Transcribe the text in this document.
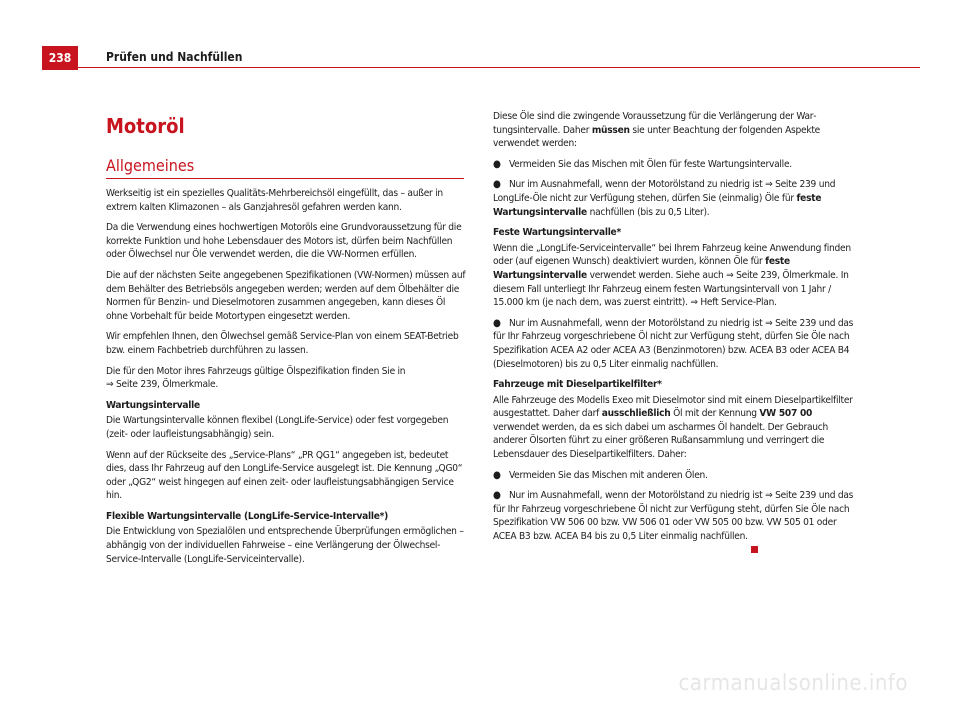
238	Prüfen und Nachfüllen
Motoröl
Allgemeines

Werkseitig ist ein spezielles Qualitäts-Mehrbereichsöl eingefüllt, das – außer in extrem kalten Klimazonen – als Ganzjahresöl gefahren werden kann.

Da die Verwendung eines hochwertigen Motoröls eine Grundvoraussetzung für die korrekte Funktion und hohe Lebensdauer des Motors ist, dürfen beim Nachfüllen oder Ölwechsel nur Öle verwendet werden, die die VW-Normen erfüllen.

Die auf der nächsten Seite angegebenen Spezifikationen (VW-Normen) müssen auf dem Behälter des Betriebsöls angegeben werden; werden auf dem Ölbehälter die Normen für Benzin- und Dieselmotoren zusammen angegeben, kann dieses Öl ohne Vorbehalt für beide Motortypen eingesetzt werden.

Wir empfehlen Ihnen, den Ölwechsel gemäß Service-Plan von einem SEAT-Betrieb bzw. einem Fachbetrieb durchführen zu lassen.

Die für den Motor ihres Fahrzeugs gültige Ölspezifikation finden Sie in
⇒ Seite 239, Ölmerkmale.

Wartungsintervalle

Die Wartungsintervalle können flexibel (LongLife-Service) oder fest vorgegeben (zeit- oder laufleistungsabhängig) sein.

Wenn auf der Rückseite des „Service-Plans“ „PR QG1“ angegeben ist, bedeutet dies, dass Ihr Fahrzeug auf den LongLife-Service ausgelegt ist. Die Kennung „QG0“ oder „QG2“ weist hingegen auf einen zeit- oder laufleistungsabhängigen Service hin.

Flexible Wartungsintervalle (LongLife-Service-Intervalle*)

Die Entwicklung von Spezialölen und entsprechende Überprüfungen ermöglichen – abhängig von der individuellen Fahrweise – eine Verlängerung der Ölwechsel-Service-Intervalle (LongLife-Serviceintervalle).

Diese Öle sind die zwingende Voraussetzung für die Verlängerung der Wartungsintervalle. Daher müssen sie unter Beachtung der folgenden Aspekte verwendet werden:

● Vermeiden Sie das Mischen mit Ölen für feste Wartungsintervalle.

● Nur im Ausnahmefall, wenn der Motorölstand zu niedrig ist ⇒ Seite 239 und LongLife-Öle nicht zur Verfügung stehen, dürfen Sie (einmalig) Öle für feste Wartungsintervalle nachfüllen (bis zu 0,5 Liter).

Feste Wartungsintervalle*

Wenn die „LongLife-Serviceintervalle“ bei Ihrem Fahrzeug keine Anwendung finden oder (auf eigenen Wunsch) deaktiviert wurden, können Öle für feste Wartungsintervalle verwendet werden. Siehe auch ⇒ Seite 239, Ölmerkmale. In diesem Fall unterliegt Ihr Fahrzeug einem festen Wartungsintervall von 1 Jahr / 15.000 km (je nach dem, was zuerst eintritt). ⇒ Heft Service-Plan.

● Nur im Ausnahmefall, wenn der Motorölstand zu niedrig ist ⇒ Seite 239 und das für Ihr Fahrzeug vorgeschriebene Öl nicht zur Verfügung steht, dürfen Sie Öle nach Spezifikation ACEA A2 oder ACEA A3 (Benzinmotoren) bzw. ACEA B3 oder ACEA B4 (Dieselmotoren) bis zu 0,5 Liter einmalig nachfüllen.

Fahrzeuge mit Dieselpartikelfilter*

Alle Fahrzeuge des Modells Exeo mit Dieselmotor sind mit einem Dieselpartikelfilter ausgestattet. Daher darf ausschließlich Öl mit der Kennung VW 507 00 verwendet werden, da es sich dabei um ascharmes Öl handelt. Der Gebrauch anderer Ölsorten führt zu einer größeren Rußansammlung und verringert die Lebensdauer des Dieselpartikelfilters. Daher:

● Vermeiden Sie das Mischen mit anderen Ölen.

● Nur im Ausnahmefall, wenn der Motorölstand zu niedrig ist ⇒ Seite 239 und das für Ihr Fahrzeug vorgeschriebene Öl nicht zur Verfügung steht, dürfen Sie Öle nach Spezifikation VW 506 00 bzw. VW 506 01 oder VW 505 00 bzw. VW 505 01 oder ACEA B3 bzw. ACEA B4 bis zu 0,5 Liter einmalig nachfüllen.

carmanualsonline.info
